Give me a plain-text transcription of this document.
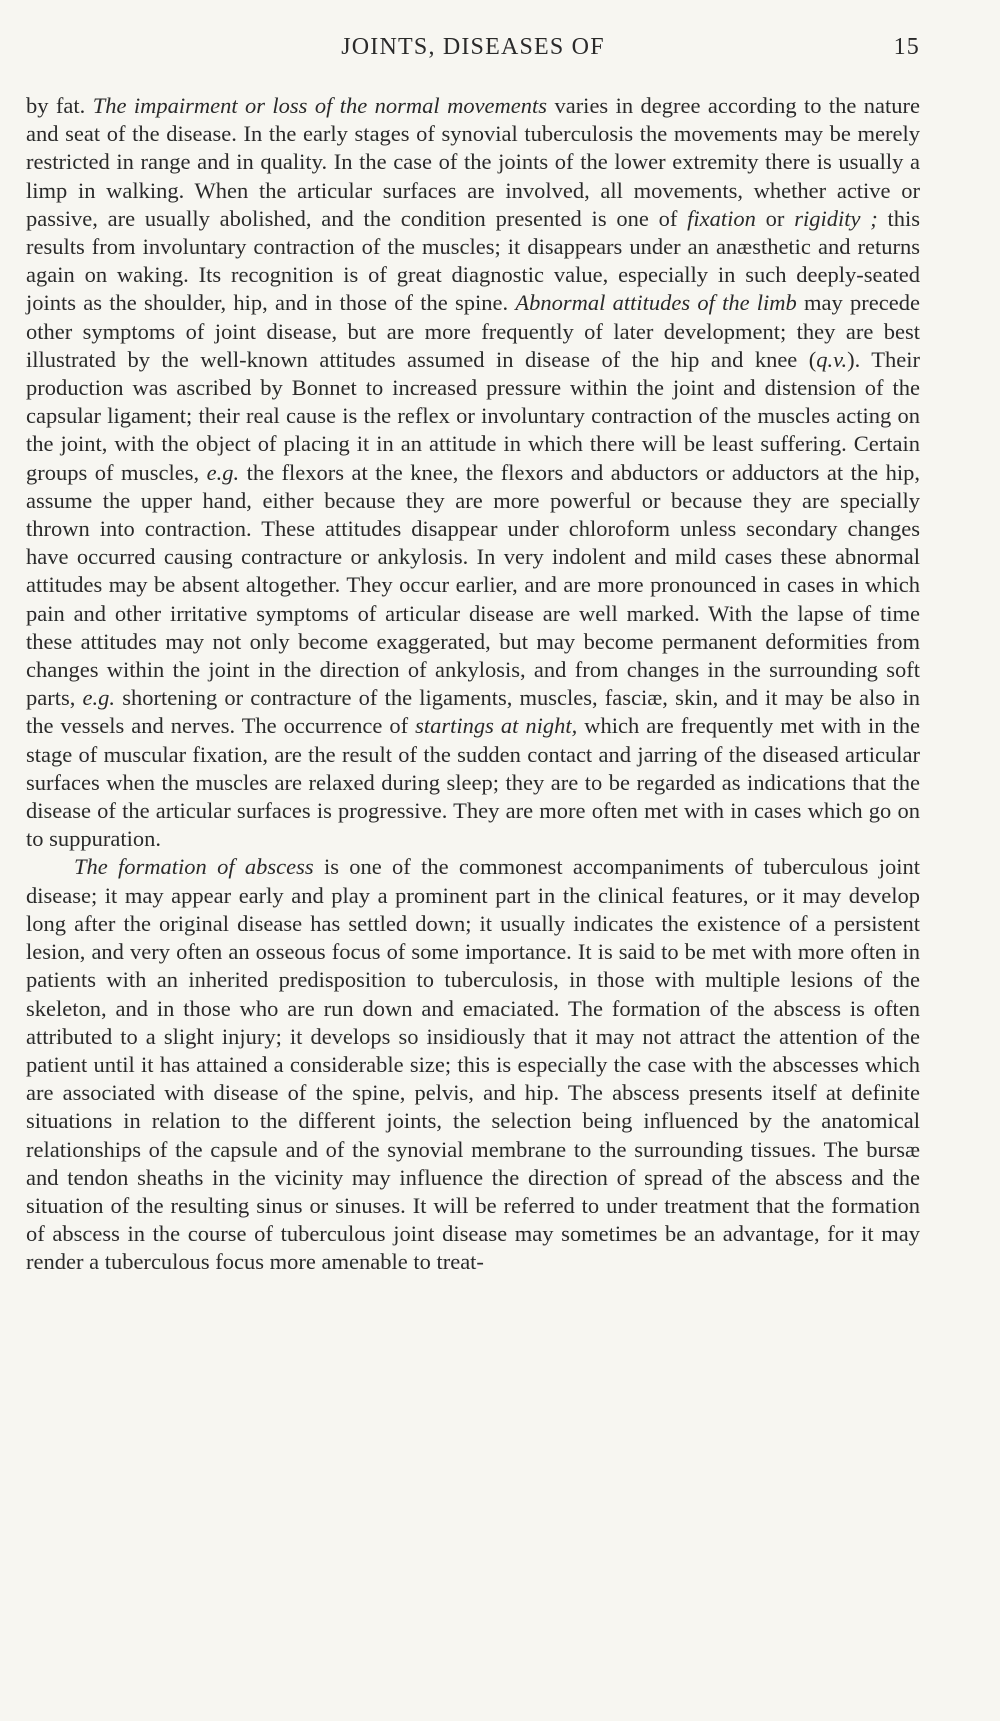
JOINTS, DISEASES OF	15

by fat. The impairment or loss of the normal movements varies in degree according to the nature and seat of the disease. In the early stages of synovial tuberculosis the movements may be merely restricted in range and in quality. In the case of the joints of the lower extremity there is usually a limp in walking. When the articular surfaces are involved, all movements, whether active or passive, are usually abolished, and the condition presented is one of fixation or rigidity ; this results from involuntary contraction of the muscles; it disappears under an anæsthetic and returns again on waking. Its recognition is of great diagnostic value, especially in such deeply-seated joints as the shoulder, hip, and in those of the spine. Abnormal attitudes of the limb may precede other symptoms of joint disease, but are more frequently of later development; they are best illustrated by the well-known attitudes assumed in disease of the hip and knee (q.v.). Their production was ascribed by Bonnet to increased pressure within the joint and distension of the capsular ligament; their real cause is the reflex or involuntary contraction of the muscles acting on the joint, with the object of placing it in an attitude in which there will be least suffering. Certain groups of muscles, e.g. the flexors at the knee, the flexors and abductors or adductors at the hip, assume the upper hand, either because they are more powerful or because they are specially thrown into contraction. These attitudes disappear under chloroform unless secondary changes have occurred causing contracture or ankylosis. In very indolent and mild cases these abnormal attitudes may be absent altogether. They occur earlier, and are more pronounced in cases in which pain and other irritative symptoms of articular disease are well marked. With the lapse of time these attitudes may not only become exaggerated, but may become permanent deformities from changes within the joint in the direction of ankylosis, and from changes in the surrounding soft parts, e.g. shortening or contracture of the ligaments, muscles, fasciæ, skin, and it may be also in the vessels and nerves. The occurrence of startings at night, which are frequently met with in the stage of muscular fixation, are the result of the sudden contact and jarring of the diseased articular surfaces when the muscles are relaxed during sleep; they are to be regarded as indications that the disease of the articular surfaces is progressive. They are more often met with in cases which go on to suppuration.

The formation of abscess is one of the commonest accompaniments of tuberculous joint disease; it may appear early and play a prominent part in the clinical features, or it may develop long after the original disease has settled down; it usually indicates the existence of a persistent lesion, and very often an osseous focus of some importance. It is said to be met with more often in patients with an inherited predisposition to tuberculosis, in those with multiple lesions of the skeleton, and in those who are run down and emaciated. The formation of the abscess is often attributed to a slight injury; it develops so insidiously that it may not attract the attention of the patient until it has attained a considerable size; this is especially the case with the abscesses which are associated with disease of the spine, pelvis, and hip. The abscess presents itself at definite situations in relation to the different joints, the selection being influenced by the anatomical relationships of the capsule and of the synovial membrane to the surrounding tissues. The bursæ and tendon sheaths in the vicinity may influence the direction of spread of the abscess and the situation of the resulting sinus or sinuses. It will be referred to under treatment that the formation of abscess in the course of tuberculous joint disease may sometimes be an advantage, for it may render a tuberculous focus more amenable to treat-
